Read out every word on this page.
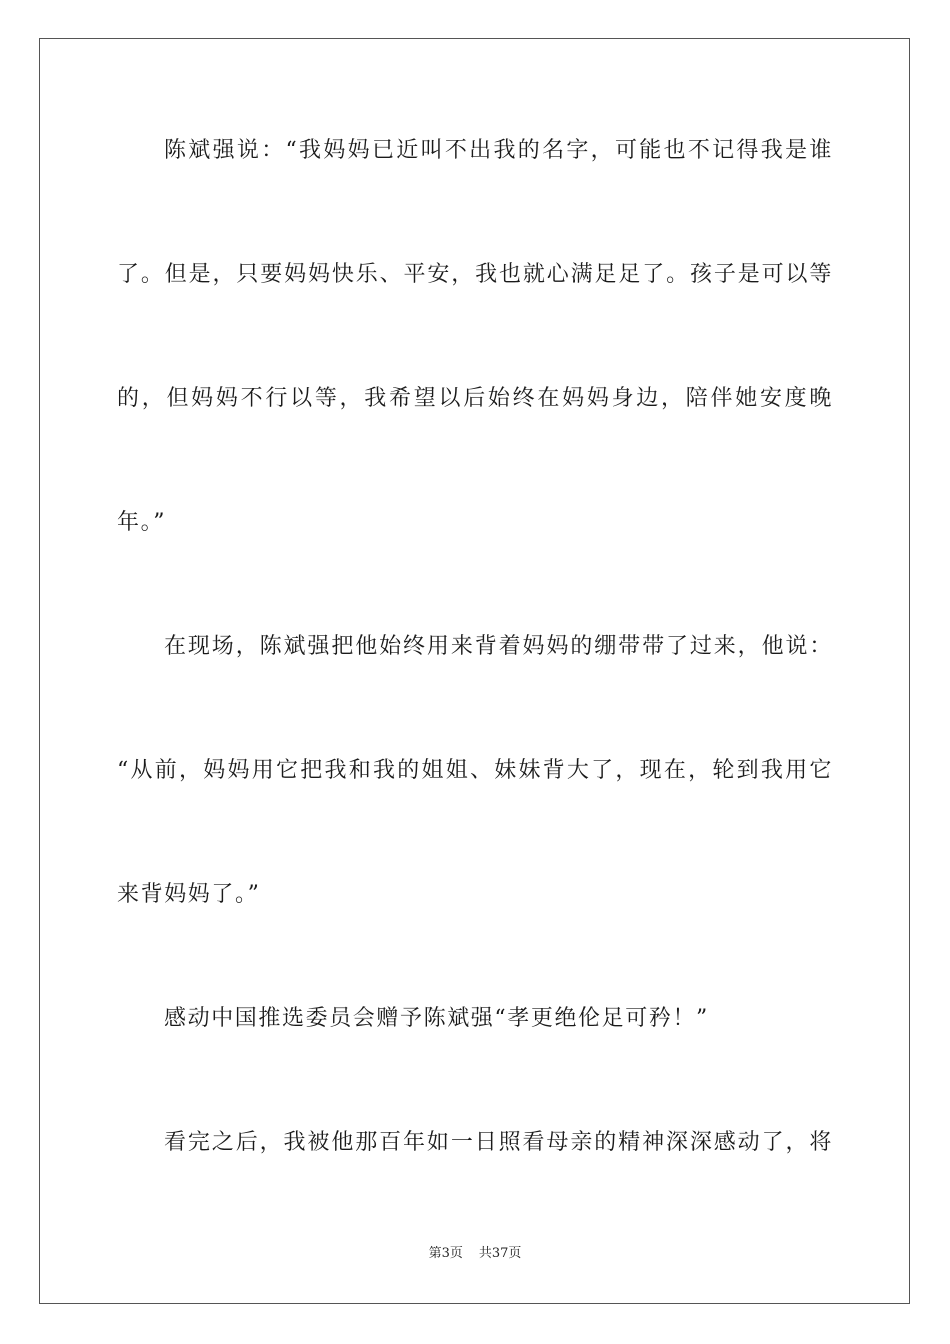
陈斌强说：“我妈妈已近叫不出我的名字，可能也不记得我是谁
了。但是，只要妈妈快乐、平安，我也就心满足足了。孩子是可以等
的，但妈妈不行以等，我希望以后始终在妈妈身边，陪伴她安度晚
年。”
在现场，陈斌强把他始终用来背着妈妈的绷带带了过来，他说：
“从前，妈妈用它把我和我的姐姐、妹妹背大了，现在，轮到我用它
来背妈妈了。”
感动中国推选委员会赠予陈斌强“孝更绝伦足可矜！”
看完之后，我被他那百年如一日照看母亲的精神深深感动了，将
第3页 共37页
